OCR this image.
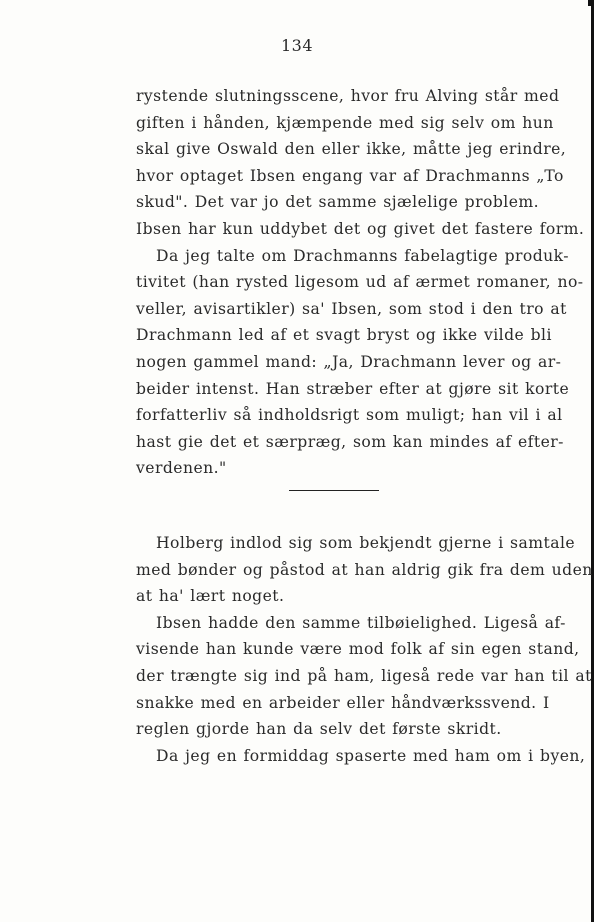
134
rystende slutningsscene, hvor fru Alving står med
giften i hånden, kjæmpende med sig selv om hun
skal give Oswald den eller ikke, måtte jeg erindre,
hvor optaget Ibsen engang var af Drachmanns „To
skud". Det var jo det samme sjælelige problem.
Ibsen har kun uddybet det og givet det fastere form.
Da jeg talte om Drachmanns fabelagtige produk-
tivitet (han rysted ligesom ud af ærmet romaner, no-
veller, avisartikler) sa' Ibsen, som stod i den tro at
Drachmann led af et svagt bryst og ikke vilde bli
nogen gammel mand: „Ja, Drachmann lever og ar-
beider intenst. Han stræber efter at gjøre sit korte
forfatterliv så indholdsrigt som muligt; han vil i al
hast gie det et særpræg, som kan mindes af efter-
verdenen."
Holberg indlod sig som bekjendt gjerne i samtale
med bønder og påstod at han aldrig gik fra dem uden
at ha' lært noget.
Ibsen hadde den samme tilbøielighed. Ligeså af-
visende han kunde være mod folk af sin egen stand,
der trængte sig ind på ham, ligeså rede var han til at
snakke med en arbeider eller håndværkssvend. I
reglen gjorde han da selv det første skridt.
Da jeg en formiddag spaserte med ham om i byen,
